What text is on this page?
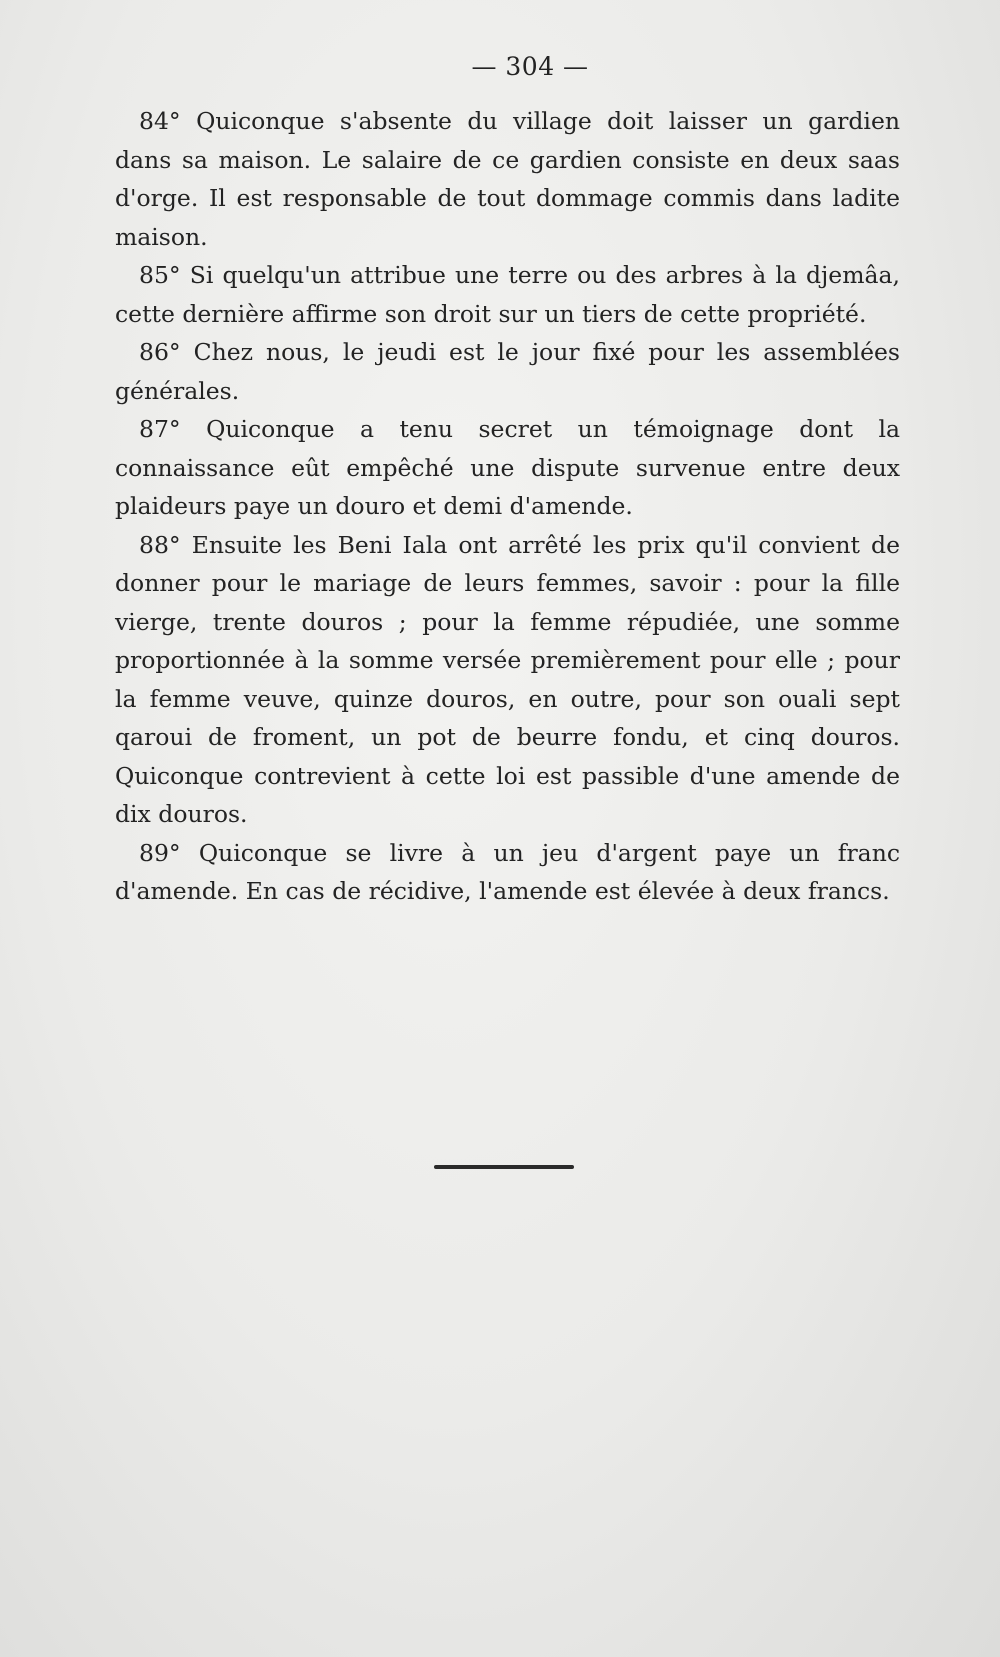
— 304 —

84° Quiconque s'absente du village doit laisser un gardien dans sa maison. Le salaire de ce gardien consiste en deux saas d'orge. Il est responsable de tout dommage commis dans ladite maison.

85° Si quelqu'un attribue une terre ou des arbres à la djemâa, cette dernière affirme son droit sur un tiers de cette propriété.

86° Chez nous, le jeudi est le jour fixé pour les assemblées générales.

87° Quiconque a tenu secret un témoignage dont la connaissance eût empêché une dispute survenue entre deux plaideurs paye un douro et demi d'amende.

88° Ensuite les Beni Iala ont arrêté les prix qu'il convient de donner pour le mariage de leurs femmes, savoir : pour la fille vierge, trente douros ; pour la femme répudiée, une somme proportionnée à la somme versée premièrement pour elle ; pour la femme veuve, quinze douros, en outre, pour son ouali sept qaroui de froment, un pot de beurre fondu, et cinq douros. Quiconque contrevient à cette loi est passible d'une amende de dix douros.

89° Quiconque se livre à un jeu d'argent paye un franc d'amende. En cas de récidive, l'amende est élevée à deux francs.
